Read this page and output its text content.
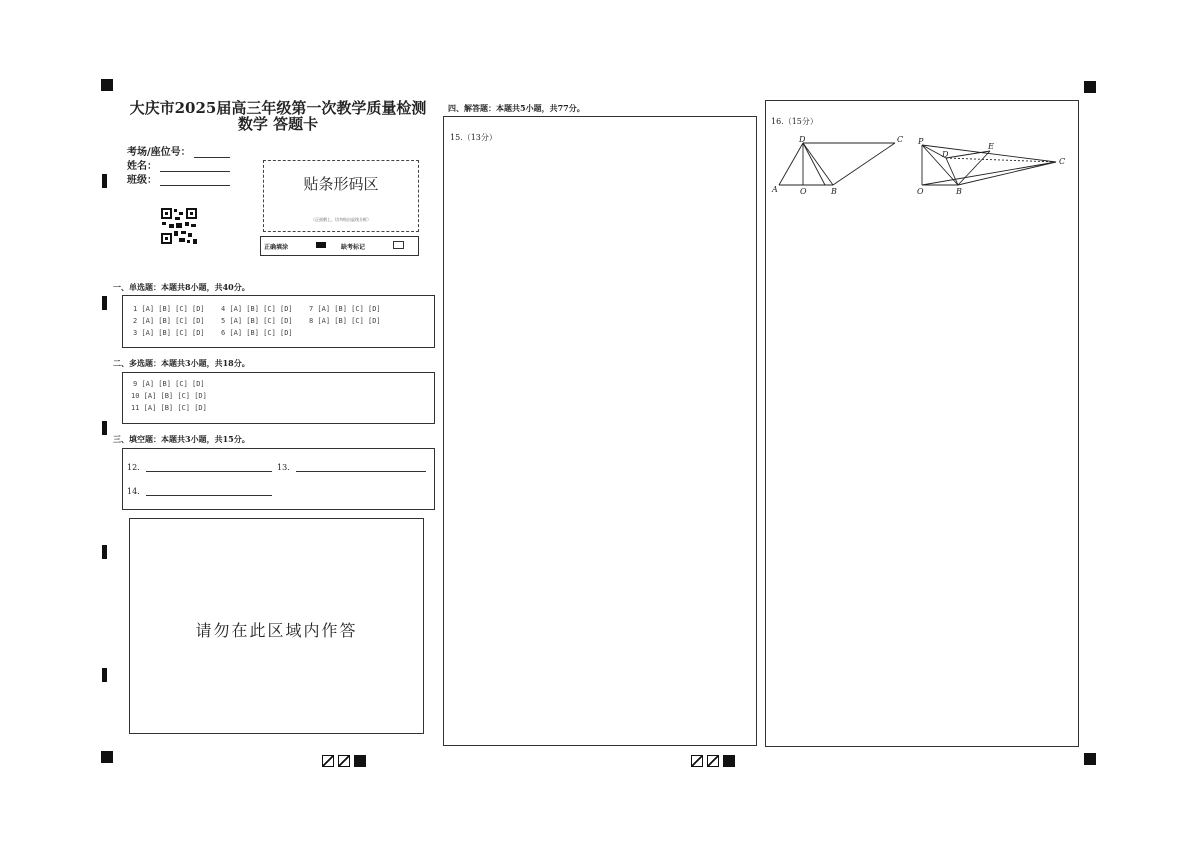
大庆市2025届高三年级第一次教学质量检测
数学 答题卡
考场/座位号：
姓名：
班级：	贴条形码区
（正面朝上，切勿贴出虚线方框）
正确填涂	缺考标记
一、单选题：本题共8小题，共40分。
1 [A] [B] [C] [D] 4 [A] [B] [C] [D] 7 [A] [B] [C] [D]
2 [A] [B] [C] [D] 5 [A] [B] [C] [D] 8 [A] [B] [C] [D]
3 [A] [B] [C] [D] 6 [A] [B] [C] [D]
二、多选题：本题共3小题，共18分。
9 [A] [B] [C] [D]
10 [A] [B] [C] [D]
11 [A] [B] [C] [D]
三、填空题：本题共3小题，共15分。
12.	13.
14.
请勿在此区域内作答
四、解答题：本题共5小题，共77分。
15.（13分）
16.（15分）
D	C
A	O	B
P
D
E
C
O	B
